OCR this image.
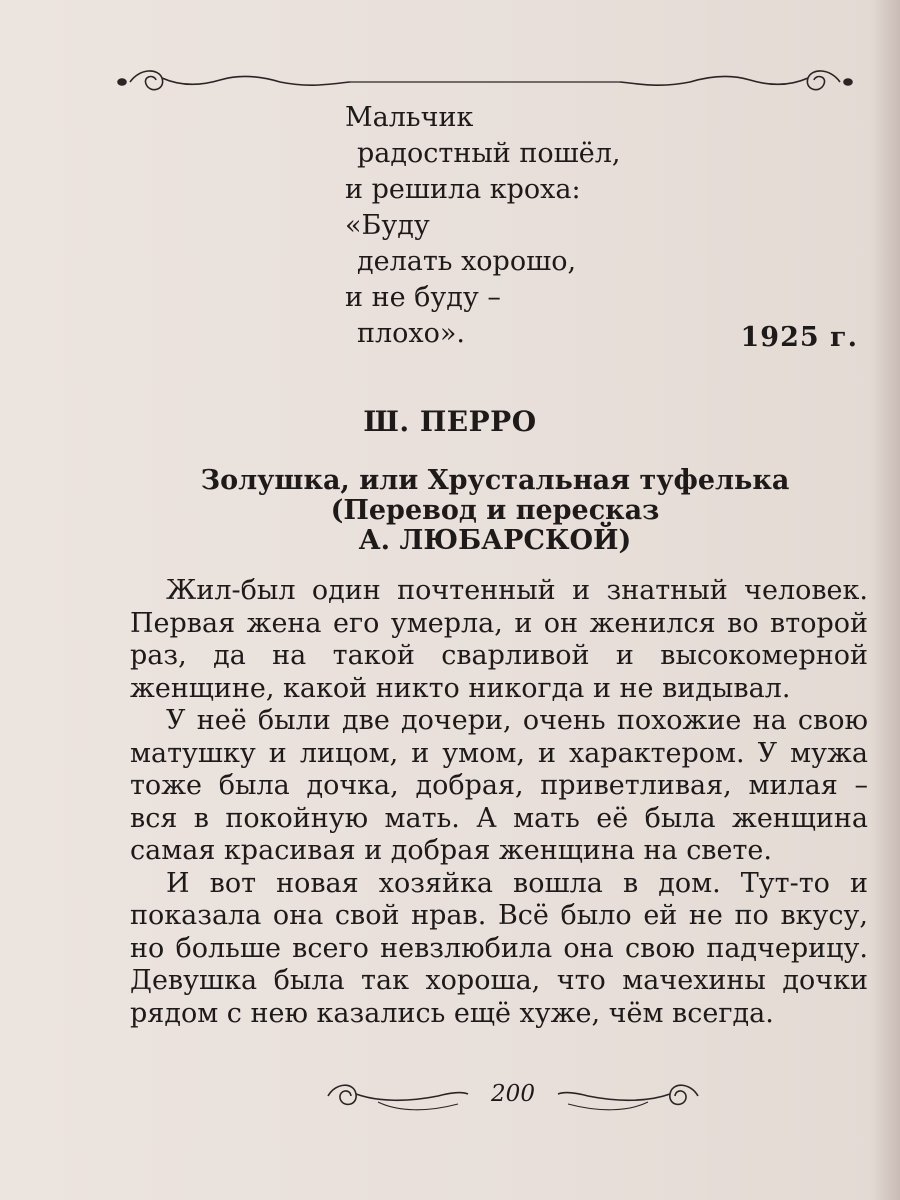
Мальчик
радостный пошёл,
и решила кроха:
«Буду
делать хорошо,
и не буду –
плохо».	1925 г.
Ш. ПЕРРО
Золушка, или Хрустальная туфелька
(Перевод и пересказ
А. ЛЮБАРСКОЙ)

Жил-был один почтенный и знатный человек. Первая жена его умерла, и он женился во второй раз, да на такой сварливой и высокомерной женщине, какой никто никогда и не видывал.

У неё были две дочери, очень похожие на свою матушку и лицом, и умом, и характером. У мужа тоже была дочка, добрая, приветливая, милая – вся в покойную мать. А мать её была женщина самая красивая и добрая женщина на свете.

И вот новая хозяйка вошла в дом. Тут-то и показала она свой нрав. Всё было ей не по вкусу, но больше всего невзлюбила она свою падчерицу. Девушка была так хороша, что мачехины дочки рядом с нею казались ещё хуже, чём всегда.

200
